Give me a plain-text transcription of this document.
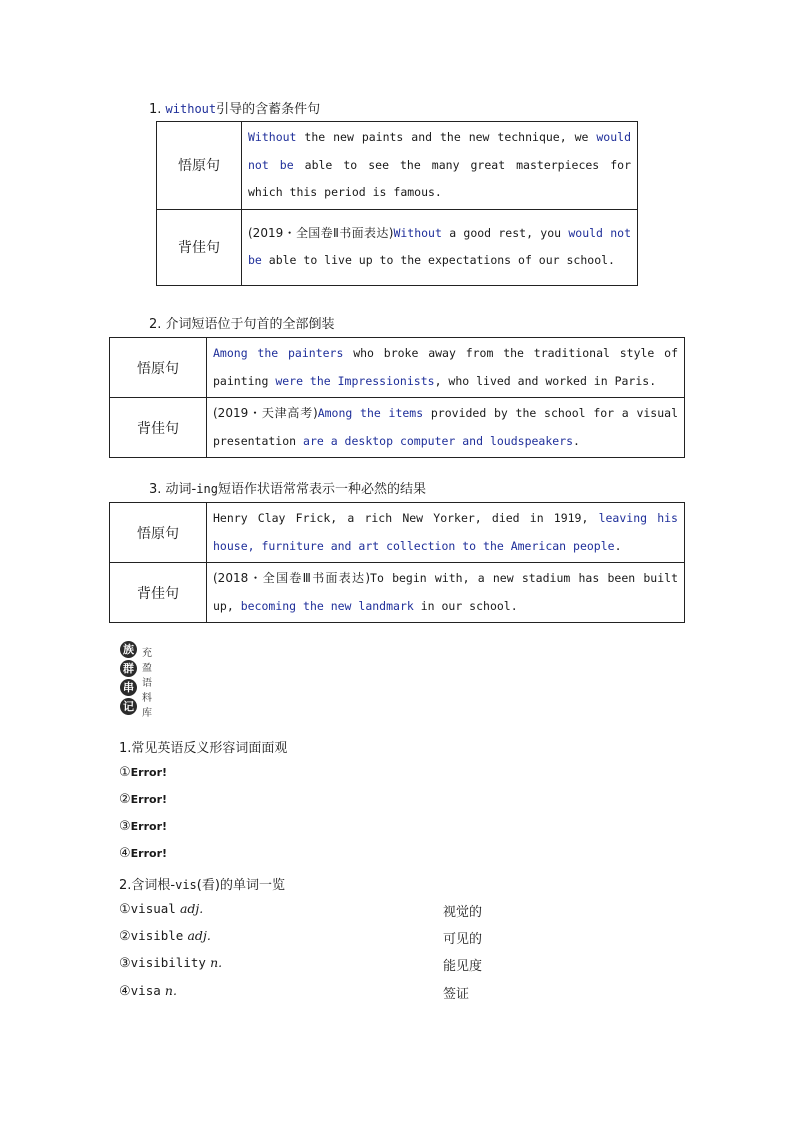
1. without引导的含蓄条件句
悟原句	Without the new paints and the new technique, we would not be able to see the many great masterpieces for which this period is famous.
背佳句	(2019・全国卷Ⅱ书面表达)Without a good rest, you would not be able to live up to the expectations of our school.
2. 介词短语位于句首的全部倒装
悟原句	Among the painters who broke away from the traditional style of painting were the Impressionists, who lived and worked in Paris.
背佳句	(2019・天津高考)Among the items provided by the school for a visual presentation are a desktop computer and loudspeakers.
3. 动词-ing短语作状语常常表示一种必然的结果
悟原句	Henry Clay Frick, a rich New Yorker, died in 1919, leaving his house, furniture and art collection to the American people.
背佳句	(2018・全国卷Ⅲ书面表达)To begin with, a new stadium has been built up, becoming the new landmark in our school.
族
群
串
记
充
盈
语
料
库
1.常见英语反义形容词面面观
①Error!
②Error!
③Error!
④Error!
2.含词根-vis(看)的单词一览
①visual adj.	视觉的
②visible adj.	可见的
③visibility n.	能见度
④visa n.	签证
